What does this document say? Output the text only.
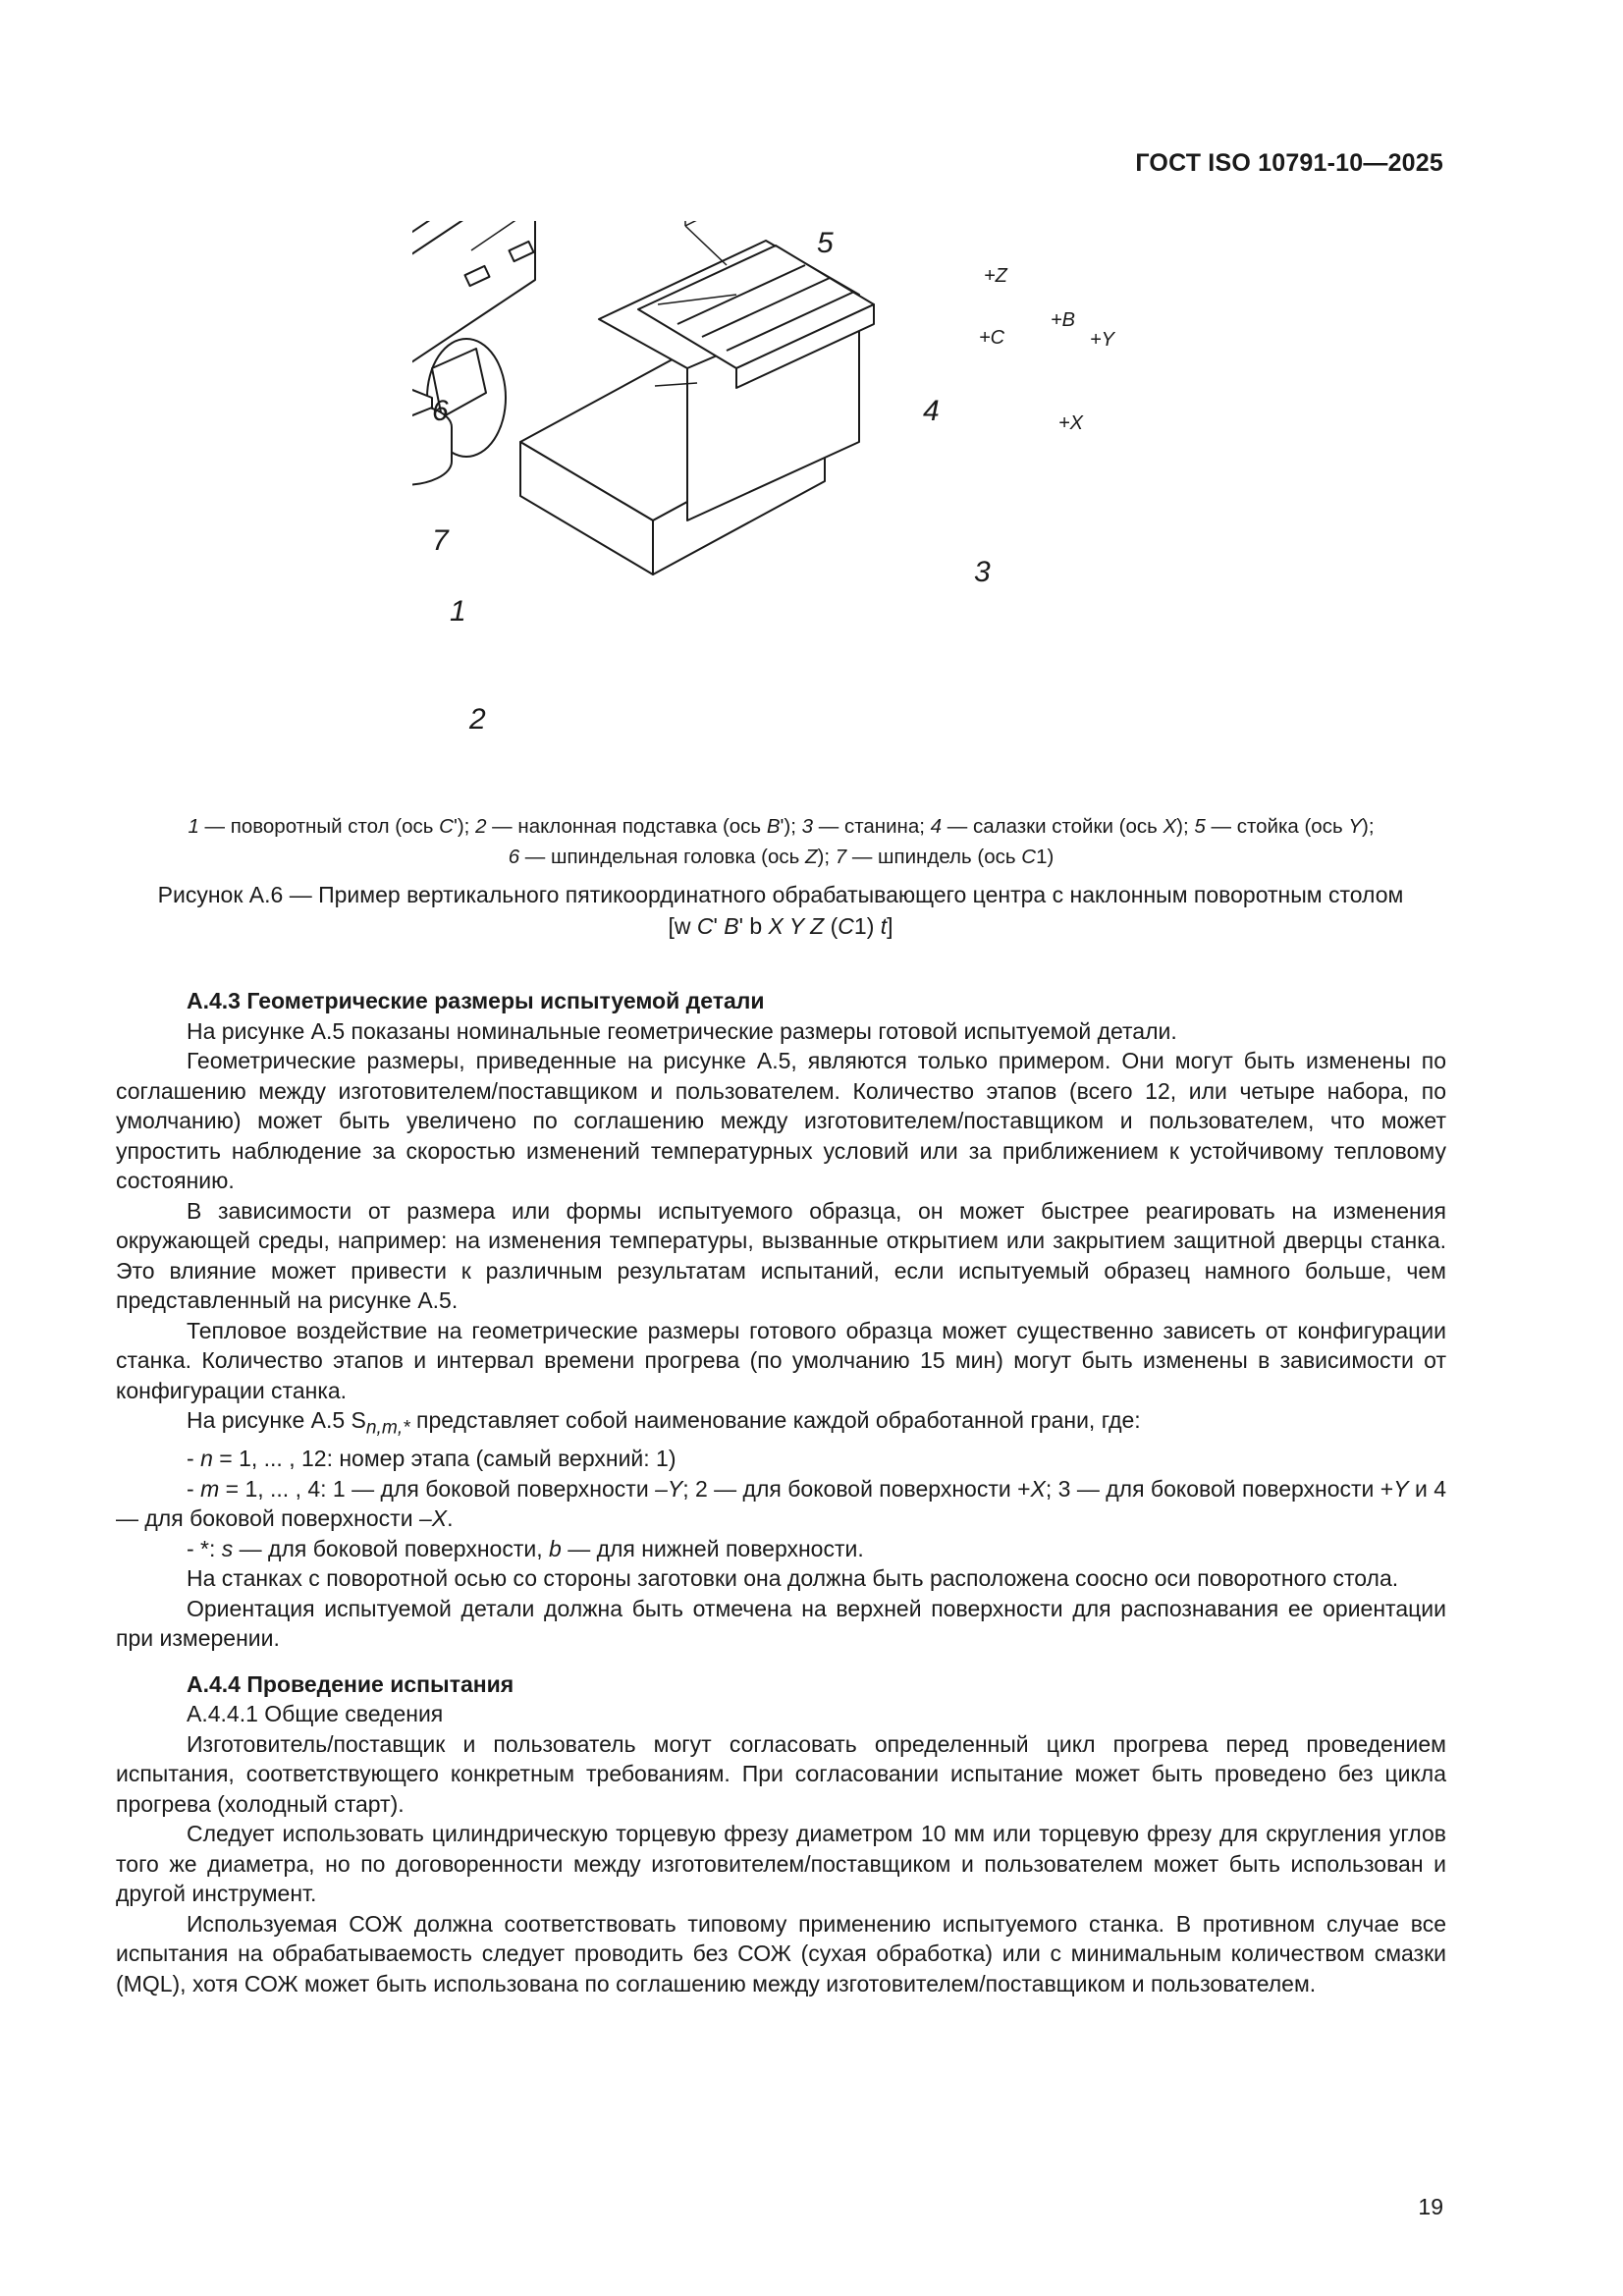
ГОСТ ISO 10791-10—2025
5
6
7
1
2
3
4
+Z
+C
+B
+Y
+X
1 — поворотный стол (ось C'); 2 — наклонная подставка (ось B'); 3 — станина; 4 — салазки стойки (ось X); 5 — стойка (ось Y);
6 — шпиндельная головка (ось Z); 7 — шпиндель (ось C1)
Рисунок А.6 — Пример вертикального пятикоординатного обрабатывающего центра с наклонным поворотным столом [w C' B' b X Y Z (C1) t]
А.4.3 Геометрические размеры испытуемой детали

На рисунке А.5 показаны номинальные геометрические размеры готовой испытуемой детали.

Геометрические размеры, приведенные на рисунке А.5, являются только примером. Они могут быть изменены по соглашению между изготовителем/поставщиком и пользователем. Количество этапов (всего 12, или четыре набора, по умолчанию) может быть увеличено по соглашению между изготовителем/поставщиком и пользователем, что может упростить наблюдение за скоростью изменений температурных условий или за приближением к устойчивому тепловому состоянию.

В зависимости от размера или формы испытуемого образца, он может быстрее реагировать на изменения окружающей среды, например: на изменения температуры, вызванные открытием или закрытием защитной дверцы станка. Это влияние может привести к различным результатам испытаний, если испытуемый образец намного больше, чем представленный на рисунке А.5.

Тепловое воздействие на геометрические размеры готового образца может существенно зависеть от конфигурации станка. Количество этапов и интервал времени прогрева (по умолчанию 15 мин) могут быть изменены в зависимости от конфигурации станка.

На рисунке А.5 $S_{n,m,*}$ представляет собой наименование каждой обработанной грани, где:

- n = 1, ... , 12: номер этапа (самый верхний: 1)

- m = 1, ... , 4: 1 — для боковой поверхности –Y; 2 — для боковой поверхности +X; 3 — для боковой поверхности +Y и 4 — для боковой поверхности –X.

- *: s — для боковой поверхности, b — для нижней поверхности.

На станках с поворотной осью со стороны заготовки она должна быть расположена соосно оси поворотного стола.

Ориентация испытуемой детали должна быть отмечена на верхней поверхности для распознавания ее ориентации при измерении.

А.4.4 Проведение испытания

А.4.4.1 Общие сведения

Изготовитель/поставщик и пользователь могут согласовать определенный цикл прогрева перед проведением испытания, соответствующего конкретным требованиям. При согласовании испытание может быть проведено без цикла прогрева (холодный старт).

Следует использовать цилиндрическую торцевую фрезу диаметром 10 мм или торцевую фрезу для скругления углов того же диаметра, но по договоренности между изготовителем/поставщиком и пользователем может быть использован и другой инструмент.

Используемая СОЖ должна соответствовать типовому применению испытуемого станка. В противном случае все испытания на обрабатываемость следует проводить без СОЖ (сухая обработка) или с минимальным количеством смазки (MQL), хотя СОЖ может быть использована по соглашению между изготовителем/поставщиком и пользователем.

19
